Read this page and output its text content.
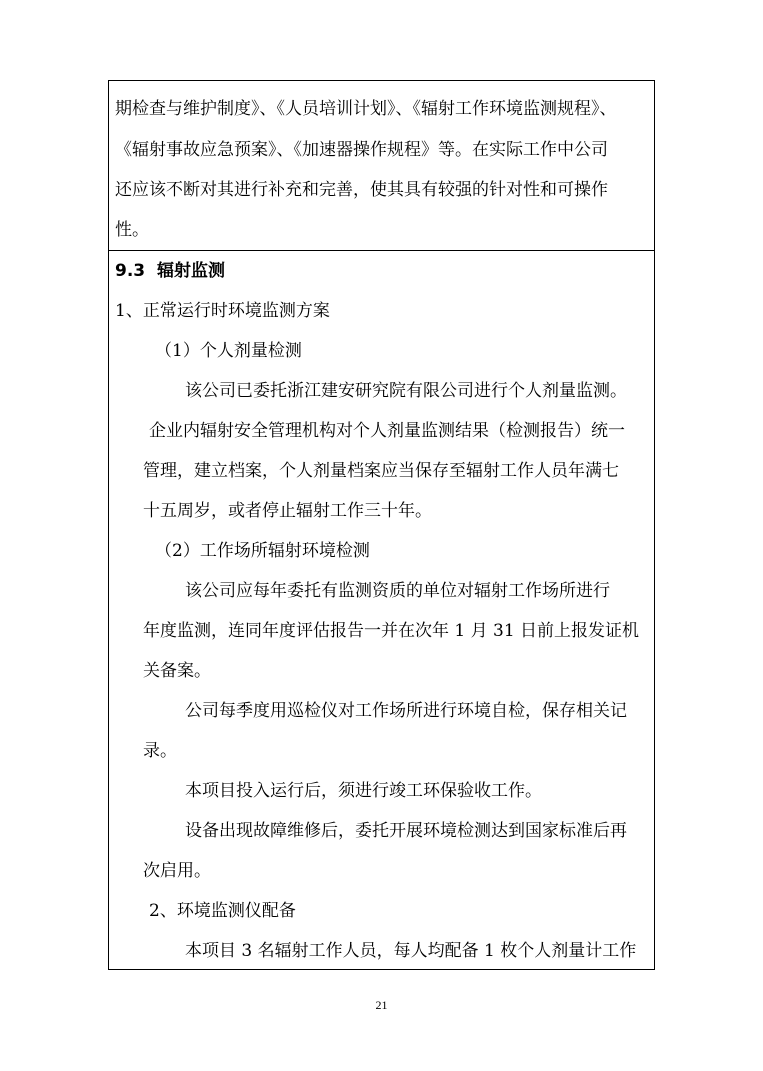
期检查与维护制度》、《人员培训计划》、《辐射工作环境监测规程》、
《辐射事故应急预案》、《加速器操作规程》等。在实际工作中公司
还应该不断对其进行补充和完善，使其具有较强的针对性和可操作
性。
9.3 辐射监测
1、正常运行时环境监测方案
（1）个人剂量检测
该公司已委托浙江建安研究院有限公司进行个人剂量监测。
企业内辐射安全管理机构对个人剂量监测结果（检测报告）统一
管理，建立档案，个人剂量档案应当保存至辐射工作人员年满七
十五周岁，或者停止辐射工作三十年。
（2）工作场所辐射环境检测
该公司应每年委托有监测资质的单位对辐射工作场所进行
年度监测，连同年度评估报告一并在次年 1 月 31 日前上报发证机
关备案。
公司每季度用巡检仪对工作场所进行环境自检，保存相关记
录。
本项目投入运行后，须进行竣工环保验收工作。
设备出现故障维修后，委托开展环境检测达到国家标准后再
次启用。
2、环境监测仪配备
本项目 3 名辐射工作人员，每人均配备 1 枚个人剂量计工作
21
